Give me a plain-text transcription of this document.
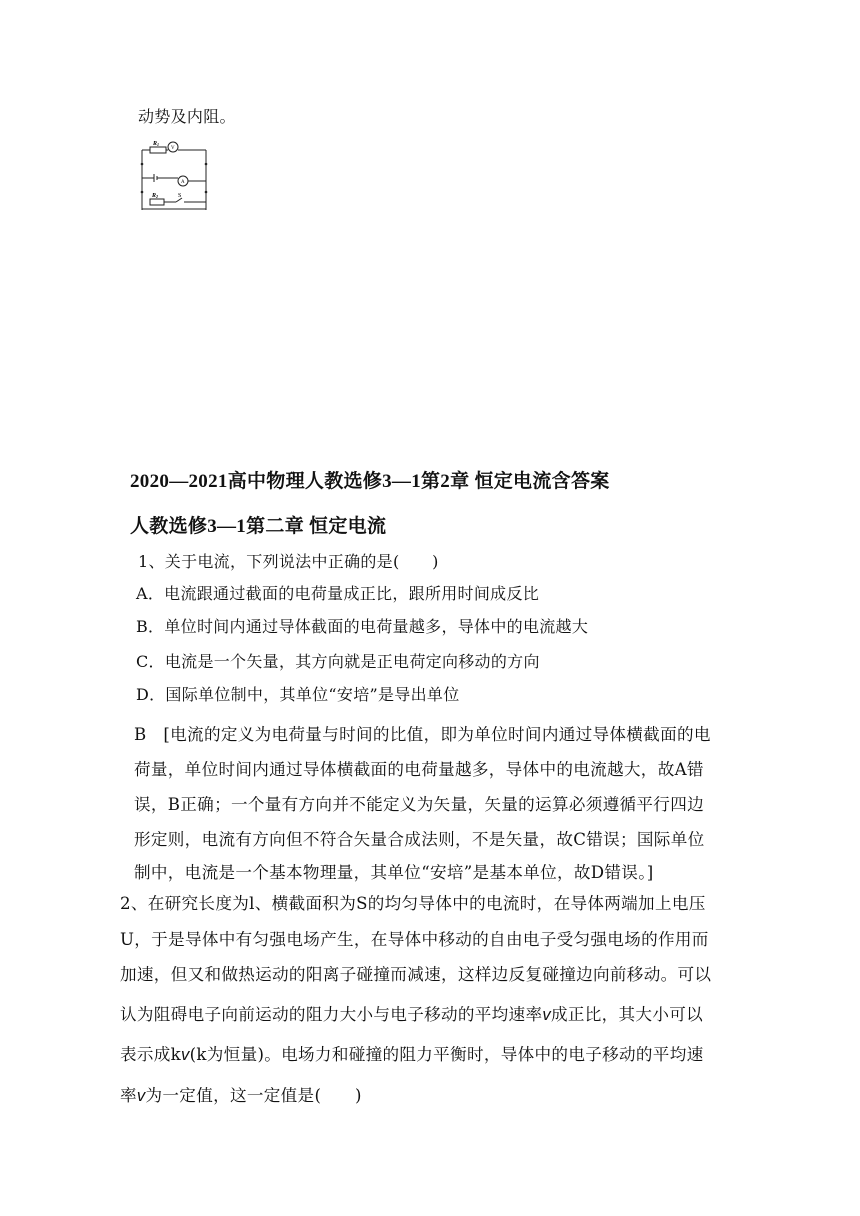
动势及内阻。
R1
V
A
R2	S
2020—2021高中物理人教选修3—1第2章 恒定电流含答案
人教选修3—1第二章 恒定电流
1、关于电流，下列说法中正确的是(　　)
A．电流跟通过截面的电荷量成正比，跟所用时间成反比
B．单位时间内通过导体截面的电荷量越多，导体中的电流越大
C．电流是一个矢量，其方向就是正电荷定向移动的方向
D．国际单位制中，其单位“安培”是导出单位
B　[电流的定义为电荷量与时间的比值，即为单位时间内通过导体横截面的电
荷量，单位时间内通过导体横截面的电荷量越多，导体中的电流越大，故A错
误，B正确；一个量有方向并不能定义为矢量，矢量的运算必须遵循平行四边
形定则，电流有方向但不符合矢量合成法则，不是矢量，故C错误；国际单位
制中，电流是一个基本物理量，其单位“安培”是基本单位，故D错误。]
2、在研究长度为l、横截面积为S的均匀导体中的电流时，在导体两端加上电压
U，于是导体中有匀强电场产生，在导体中移动的自由电子受匀强电场的作用而
加速，但又和做热运动的阳离子碰撞而减速，这样边反复碰撞边向前移动。可以
认为阻碍电子向前运动的阻力大小与电子移动的平均速率v成正比，其大小可以
表示成kv(k为恒量)。电场力和碰撞的阻力平衡时，导体中的电子移动的平均速
率v为一定值，这一定值是(　　)
